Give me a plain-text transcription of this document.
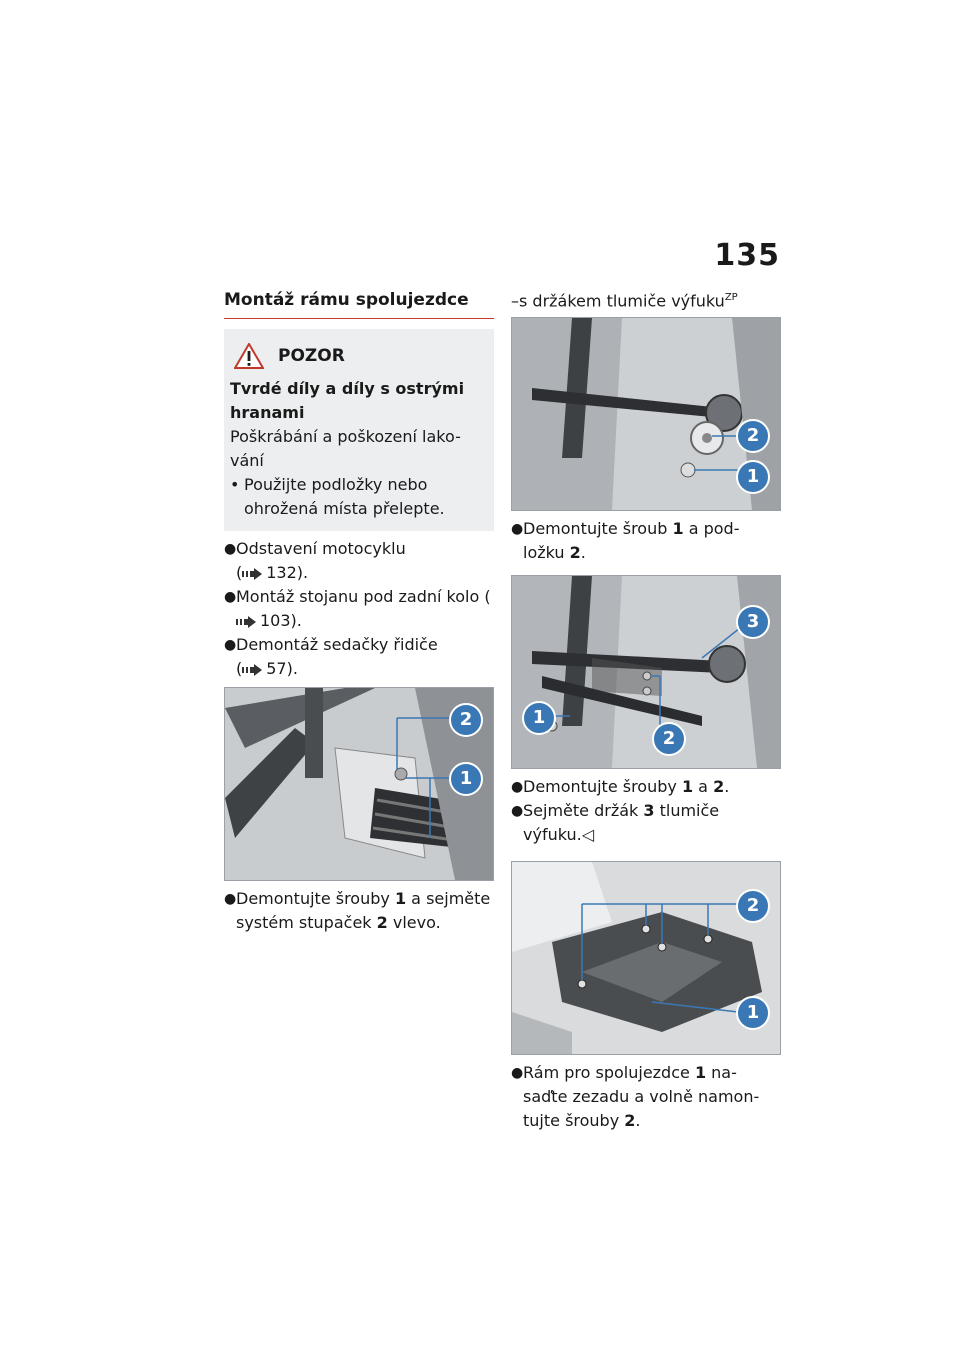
135
Montáž rámu spolujezdce
POZOR
Tvrdé díly a díly s ostrými hranami
Poškrábání a poškození lako-vání
• Použijte podložky nebo ohrožená místa přelepte.
● Odstavení motocyklu
( 132).
● Montáž stojanu pod zadní kolo (103).
● Demontáž sedačky řidiče
( 57).
2
1
● Demontujte šrouby 1 a sejměte systém stupaček 2 vlevo.
–s držákem tlumiče výfuku$^{ZP}$
2
1
● Demontujte šroub 1 a pod-ložku 2.
3
1
2
● Demontujte šrouby 1 a 2.
● Sejměte držák 3 tlumiče výfuku.◁
2
1
● Rám pro spolujezdce 1 na-saďte zezadu a volně namon-tujte šrouby 2.
